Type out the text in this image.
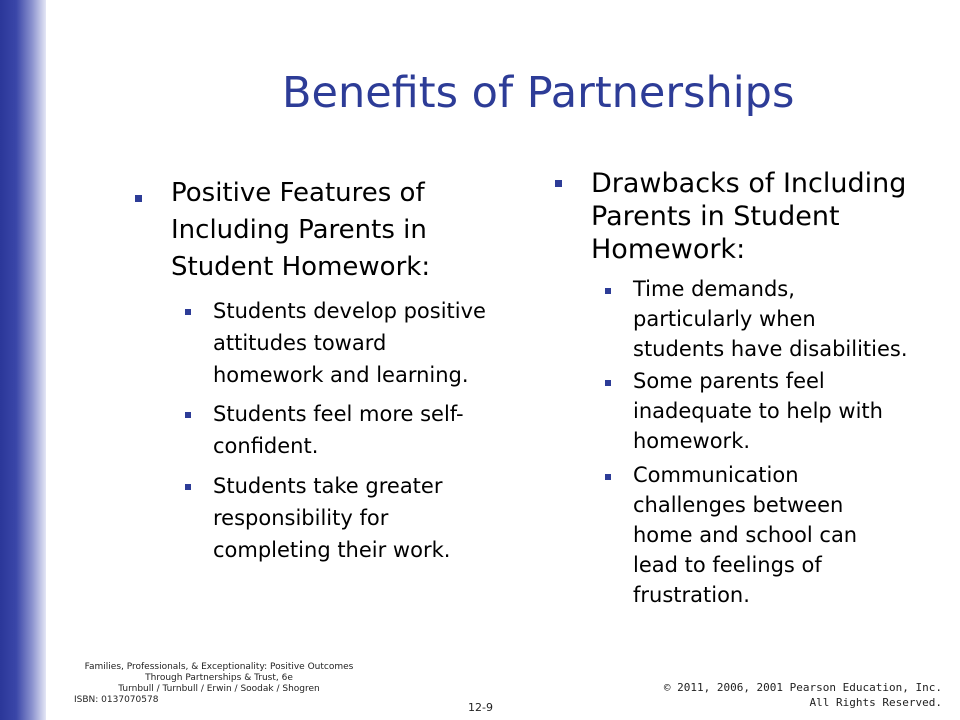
Benefits of Partnerships
Positive Features of
Including Parents in
Student Homework:
Students develop positive
attitudes toward
homework and learning.
Students feel more self-
confident.
Students take greater
responsibility for
completing their work.
Drawbacks of Including
Parents in Student
Homework:
Time demands,
particularly when
students have disabilities.
Some parents feel
inadequate to help with
homework.
Communication
challenges between
home and school can
lead to feelings of
frustration.
Families, Professionals, & Exceptionality: Positive Outcomes
Through Partnerships & Trust, 6e
Turnbull / Turnbull / Erwin / Soodak / Shogren
ISBN: 0137070578
12-9
© 2011, 2006, 2001 Pearson Education, Inc.
All Rights Reserved.
